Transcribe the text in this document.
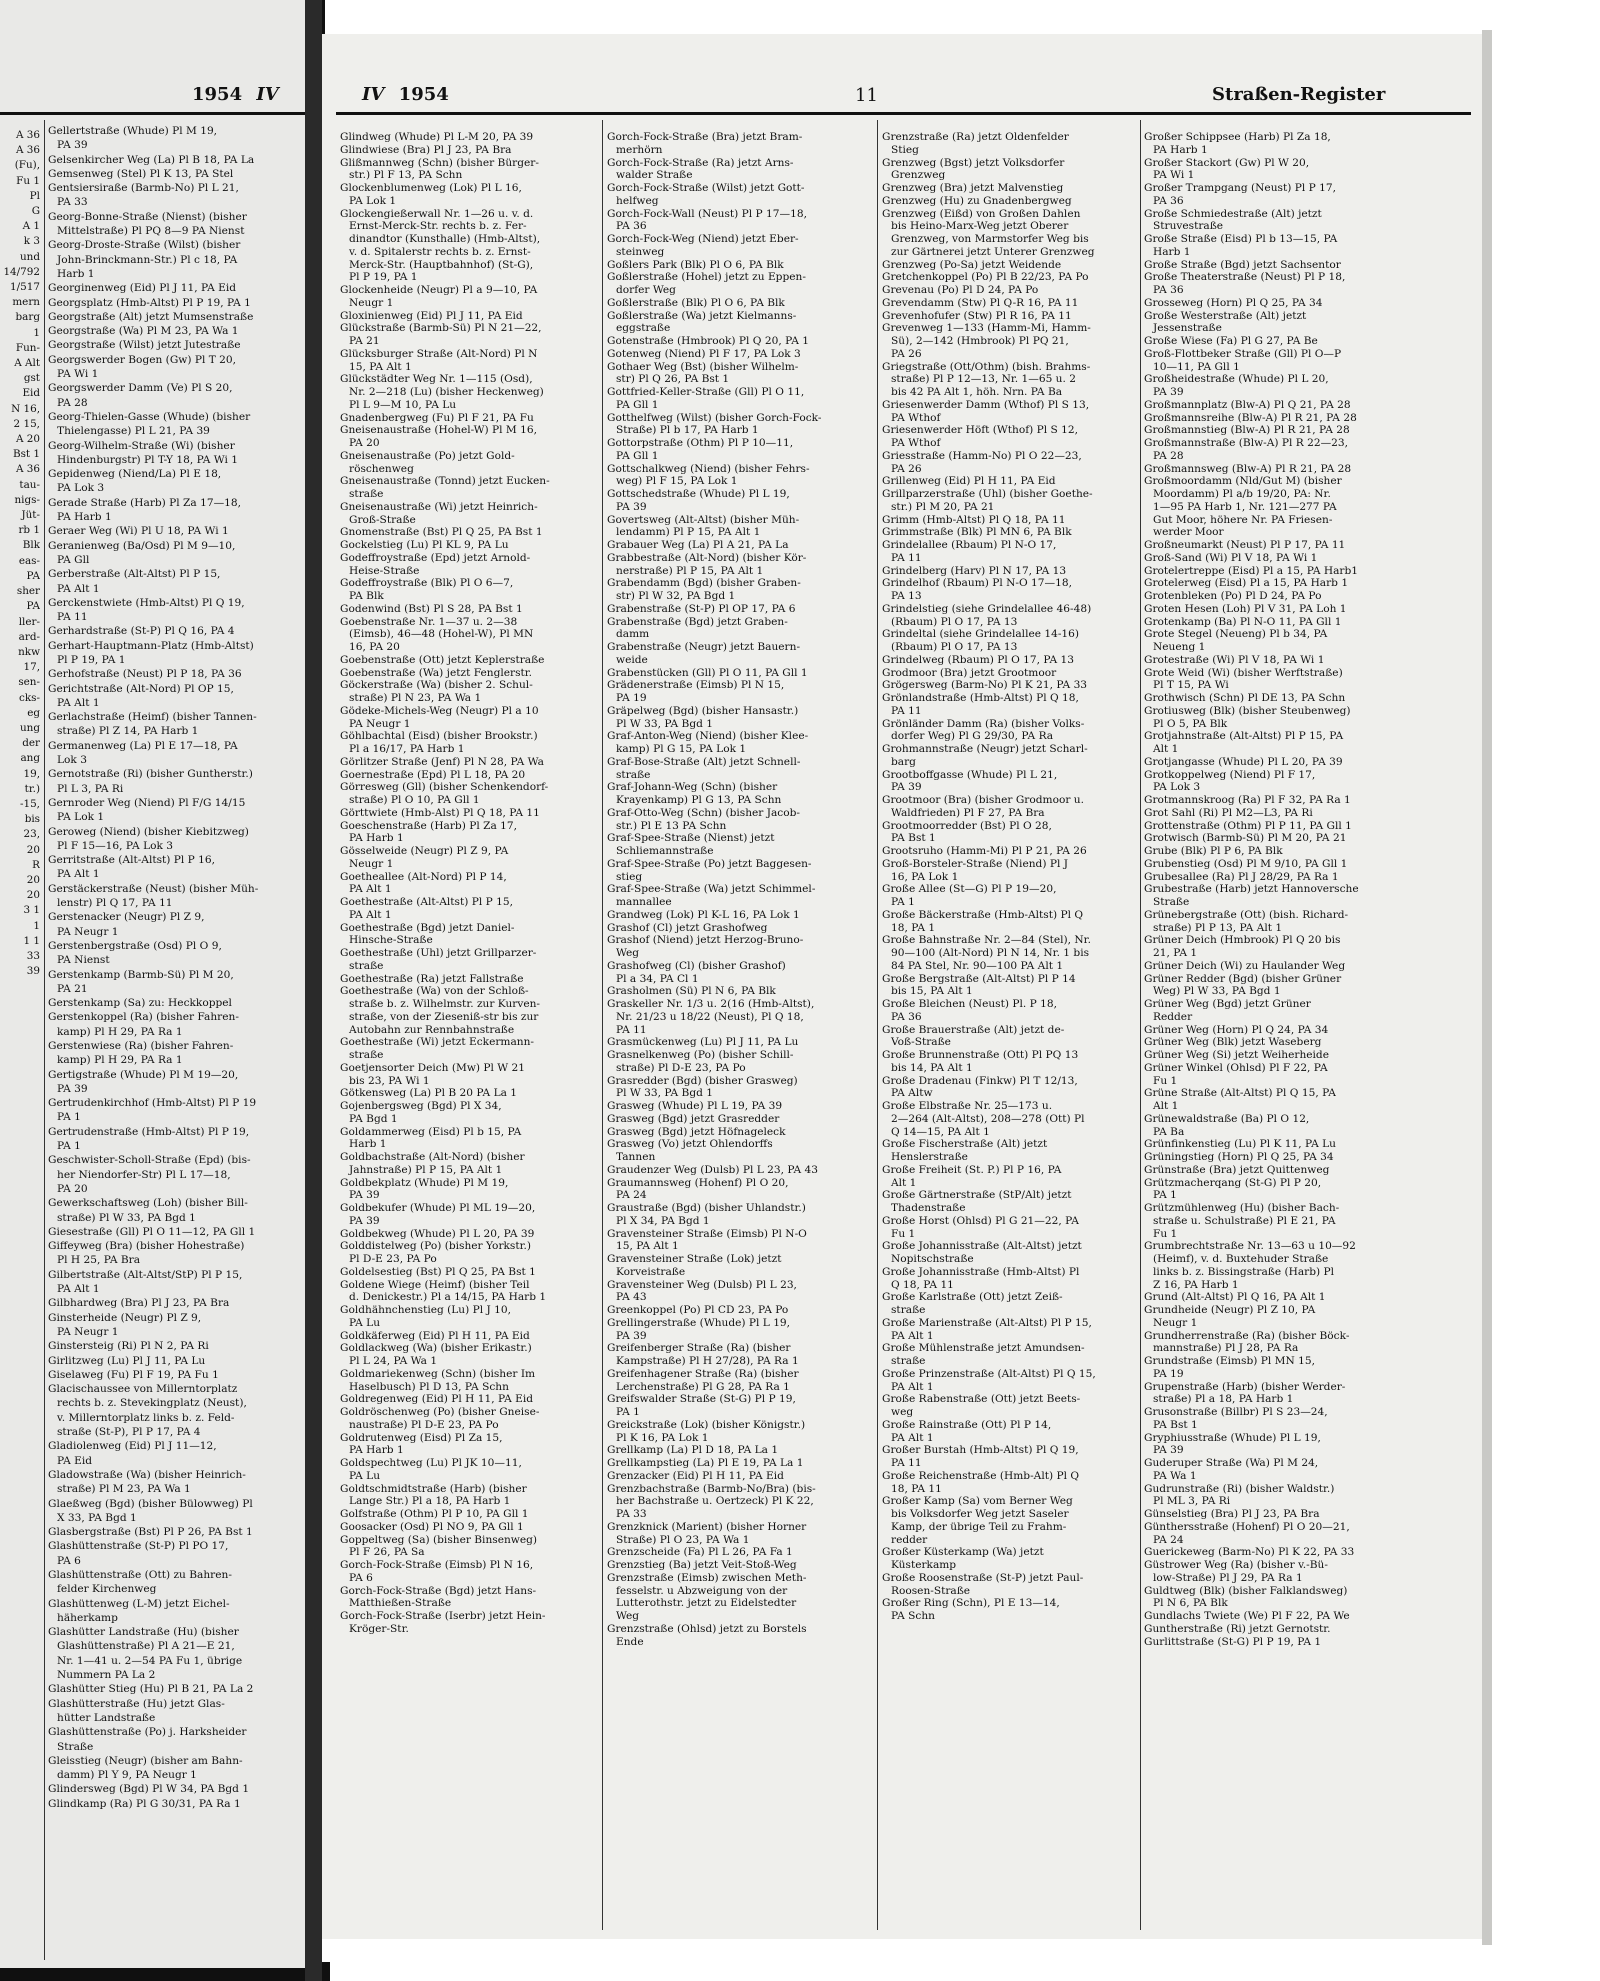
1954 IV
A 36
A 36
(Fu),
Fu 1
Pl
G
A 1
k 3
und
14/792
1/517
mern
barg
1
Fun-
A Alt
gst
Eid
N 16,
2 15,
A 20
Bst 1
A 36
tau-
nigs-
Jüt-
rb 1
Blk
eas-
PA
sher
PA
ller-
ard-
nkw
17,
sen-
cks-
eg
ung
der
ang
19,
tr.)
-15,
bis
23,
20
R
20
20
3 1
1
1 1
33
39
Gellertstraße (Whude) Pl M 19,
PA 39
Gelsenkircher Weg (La) Pl B 18, PA La
Gemsenweg (Stel) Pl K 13, PA Stel
Gentsiersiraße (Barmb-No) Pl L 21,
PA 33
Georg-Bonne-Straße (Nienst) (bisher
Mittelstraße) Pl PQ 8—9 PA Nienst
Georg-Droste-Straße (Wilst) (bisher
John-Brinckmann-Str.) Pl c 18, PA
Harb 1
Georginenweg (Eid) Pl J 11, PA Eid
Georgsplatz (Hmb-Altst) Pl P 19, PA 1
Georgstraße (Alt) jetzt Mumsenstraße
Georgstraße (Wa) Pl M 23, PA Wa 1
Georgstraße (Wilst) jetzt Jutestraße
Georgswerder Bogen (Gw) Pl T 20,
PA Wi 1
Georgswerder Damm (Ve) Pl S 20,
PA 28
Georg-Thielen-Gasse (Whude) (bisher
Thielengasse) Pl L 21, PA 39
Georg-Wilhelm-Straße (Wi) (bisher
Hindenburgstr) Pl T-Y 18, PA Wi 1
Gepidenweg (Niend/La) Pl E 18,
PA Lok 3
Gerade Straße (Harb) Pl Za 17—18,
PA Harb 1
Geraer Weg (Wi) Pl U 18, PA Wi 1
Geranienweg (Ba/Osd) Pl M 9—10,
PA Gll
Gerberstraße (Alt-Altst) Pl P 15,
PA Alt 1
Gerckenstwiete (Hmb-Altst) Pl Q 19,
PA 11
Gerhardstraße (St-P) Pl Q 16, PA 4
Gerhart-Hauptmann-Platz (Hmb-Altst)
Pl P 19, PA 1
Gerhofstraße (Neust) Pl P 18, PA 36
Gerichtstraße (Alt-Nord) Pl OP 15,
PA Alt 1
Gerlachstraße (Heimf) (bisher Tannen-
straße) Pl Z 14, PA Harb 1
Germanenweg (La) Pl E 17—18, PA
Lok 3
Gernotstraße (Ri) (bisher Guntherstr.)
Pl L 3, PA Ri
Gernroder Weg (Niend) Pl F/G 14/15
PA Lok 1
Geroweg (Niend) (bisher Kiebitzweg)
Pl F 15—16, PA Lok 3
Gerritstraße (Alt-Altst) Pl P 16,
PA Alt 1
Gerstäckerstraße (Neust) (bisher Müh-
lenstr) Pl Q 17, PA 11
Gerstenacker (Neugr) Pl Z 9,
PA Neugr 1
Gerstenbergstraße (Osd) Pl O 9,
PA Nienst
Gerstenkamp (Barmb-Sü) Pl M 20,
PA 21
Gerstenkamp (Sa) zu: Heckkoppel
Gerstenkoppel (Ra) (bisher Fahren-
kamp) Pl H 29, PA Ra 1
Gerstenwiese (Ra) (bisher Fahren-
kamp) Pl H 29, PA Ra 1
Gertigstraße (Whude) Pl M 19—20,
PA 39
Gertrudenkirchhof (Hmb-Altst) Pl P 19
PA 1
Gertrudenstraße (Hmb-Altst) Pl P 19,
PA 1
Geschwister-Scholl-Straße (Epd) (bis-
her Niendorfer-Str) Pl L 17—18,
PA 20
Gewerkschaftsweg (Loh) (bisher Bill-
straße) Pl W 33, PA Bgd 1
Giesestraße (Gll) Pl O 11—12, PA Gll 1
Giffeyweg (Bra) (bisher Hohestraße)
Pl H 25, PA Bra
Gilbertstraße (Alt-Altst/StP) Pl P 15,
PA Alt 1
Gilbhardweg (Bra) Pl J 23, PA Bra
Ginsterheide (Neugr) Pl Z 9,
PA Neugr 1
Ginstersteig (Ri) Pl N 2, PA Ri
Girlitzweg (Lu) Pl J 11, PA Lu
Giselaweg (Fu) Pl F 19, PA Fu 1
Glacischaussee von Millerntorplatz
rechts b. z. Stevekingplatz (Neust),
v. Millerntorplatz links b. z. Feld-
straße (St-P), Pl P 17, PA 4
Gladiolenweg (Eid) Pl J 11—12,
PA Eid
Gladowstraße (Wa) (bisher Heinrich-
straße) Pl M 23, PA Wa 1
Glaeßweg (Bgd) (bisher Bülowweg) Pl
X 33, PA Bgd 1
Glasbergstraße (Bst) Pl P 26, PA Bst 1
Glashüttenstraße (St-P) Pl PO 17,
PA 6
Glashüttenstraße (Ott) zu Bahren-
felder Kirchenweg
Glashüttenweg (L-M) jetzt Eichel-
häherkamp
Glashütter Landstraße (Hu) (bisher
Glashüttenstraße) Pl A 21—E 21,
Nr. 1—41 u. 2—54 PA Fu 1, übrige
Nummern PA La 2
Glashütter Stieg (Hu) Pl B 21, PA La 2
Glashütterstraße (Hu) jetzt Glas-
hütter Landstraße
Glashüttenstraße (Po) j. Harksheider
Straße
Gleisstieg (Neugr) (bisher am Bahn-
damm) Pl Y 9, PA Neugr 1
Glindersweg (Bgd) Pl W 34, PA Bgd 1
Glindkamp (Ra) Pl G 30/31, PA Ra 1
IV 1954	11	Straßen-Register
Glindweg (Whude) Pl L-M 20, PA 39
Glindwiese (Bra) Pl J 23, PA Bra
Glißmannweg (Schn) (bisher Bürger-
str.) Pl F 13, PA Schn
Glockenblumenweg (Lok) Pl L 16,
PA Lok 1
Glockengießerwall Nr. 1—26 u. v. d.
Ernst-Merck-Str. rechts b. z. Fer-
dinandtor (Kunsthalle) (Hmb-Altst),
v. d. Spitalerstr rechts b. z. Ernst-
Merck-Str. (Hauptbahnhof) (St-G),
Pl P 19, PA 1
Glockenheide (Neugr) Pl a 9—10, PA
Neugr 1
Gloxinienweg (Eid) Pl J 11, PA Eid
Glückstraße (Barmb-Sü) Pl N 21—22,
PA 21
Glücksburger Straße (Alt-Nord) Pl N
15, PA Alt 1
Glückstädter Weg Nr. 1—115 (Osd),
Nr. 2—218 (Lu) (bisher Heckenweg)
Pl L 9—M 10, PA Lu
Gnadenbergweg (Fu) Pl F 21, PA Fu
Gneisenaustraße (Hohel-W) Pl M 16,
PA 20
Gneisenaustraße (Po) jetzt Gold-
röschenweg
Gneisenaustraße (Tonnd) jetzt Eucken-
straße
Gneisenaustraße (Wi) jetzt Heinrich-
Groß-Straße
Gnomenstraße (Bst) Pl Q 25, PA Bst 1
Gockelstieg (Lu) Pl KL 9, PA Lu
Godeffroystraße (Epd) jetzt Arnold-
Heise-Straße
Godeffroystraße (Blk) Pl O 6—7,
PA Blk
Godenwind (Bst) Pl S 28, PA Bst 1
Goebenstraße Nr. 1—37 u. 2—38
(Eimsb), 46—48 (Hohel-W), Pl MN
16, PA 20
Goebenstraße (Ott) jetzt Keplerstraße
Goebenstraße (Wa) jetzt Fenglerstr.
Göckerstraße (Wa) (bisher 2. Schul-
straße) Pl N 23, PA Wa 1
Gödeke-Michels-Weg (Neugr) Pl a 10
PA Neugr 1
Göhlbachtal (Eisd) (bisher Brookstr.)
Pl a 16/17, PA Harb 1
Görlitzer Straße (Jenf) Pl N 28, PA Wa
Goernestraße (Epd) Pl L 18, PA 20
Görresweg (Gll) (bisher Schenkendorf-
straße) Pl O 10, PA Gll 1
Görttwiete (Hmb-Alst) Pl Q 18, PA 11
Goeschenstraße (Harb) Pl Za 17,
PA Harb 1
Gösselweide (Neugr) Pl Z 9, PA
Neugr 1
Goetheallee (Alt-Nord) Pl P 14,
PA Alt 1
Goethestraße (Alt-Altst) Pl P 15,
PA Alt 1
Goethestraße (Bgd) jetzt Daniel-
Hinsche-Straße
Goethestraße (Uhl) jetzt Grillparzer-
straße
Goethestraße (Ra) jetzt Fallstraße
Goethestraße (Wa) von der Schloß-
straße b. z. Wilhelmstr. zur Kurven-
straße, von der Zieseniß-str bis zur
Autobahn zur Rennbahnstraße
Goethestraße (Wi) jetzt Eckermann-
straße
Goetjensorter Deich (Mw) Pl W 21
bis 23, PA Wi 1
Götkensweg (La) Pl B 20 PA La 1
Gojenbergsweg (Bgd) Pl X 34,
PA Bgd 1
Goldammerweg (Eisd) Pl b 15, PA
Harb 1
Goldbachstraße (Alt-Nord) (bisher
Jahnstraße) Pl P 15, PA Alt 1
Goldbekplatz (Whude) Pl M 19,
PA 39
Goldbekufer (Whude) Pl ML 19—20,
PA 39
Goldbekweg (Whude) Pl L 20, PA 39
Golddistelweg (Po) (bisher Yorkstr.)
Pl D-E 23, PA Po
Goldelsestieg (Bst) Pl Q 25, PA Bst 1
Goldene Wiege (Heimf) (bisher Teil
d. Denickestr.) Pl a 14/15, PA Harb 1
Goldhähnchenstieg (Lu) Pl J 10,
PA Lu
Goldkäferweg (Eid) Pl H 11, PA Eid
Goldlackweg (Wa) (bisher Erikastr.)
Pl L 24, PA Wa 1
Goldmariekenweg (Schn) (bisher Im
Haselbusch) Pl D 13, PA Schn
Goldregenweg (Eid) Pl H 11, PA Eid
Goldröschenweg (Po) (bisher Gneise-
naustraße) Pl D-E 23, PA Po
Goldrutenweg (Eisd) Pl Za 15,
PA Harb 1
Goldspechtweg (Lu) Pl JK 10—11,
PA Lu
Goldtschmidtstraße (Harb) (bisher
Lange Str.) Pl a 18, PA Harb 1
Golfstraße (Othm) Pl P 10, PA Gll 1
Goosacker (Osd) Pl NO 9, PA Gll 1
Goppeltweg (Sa) (bisher Binsenweg)
Pl F 26, PA Sa
Gorch-Fock-Straße (Eimsb) Pl N 16,
PA 6
Gorch-Fock-Straße (Bgd) jetzt Hans-
Matthießen-Straße
Gorch-Fock-Straße (Iserbr) jetzt Hein-
Kröger-Str.
Gorch-Fock-Straße (Bra) jetzt Bram-
merhörn
Gorch-Fock-Straße (Ra) jetzt Arns-
walder Straße
Gorch-Fock-Straße (Wilst) jetzt Gott-
helfweg
Gorch-Fock-Wall (Neust) Pl P 17—18,
PA 36
Gorch-Fock-Weg (Niend) jetzt Eber-
steinweg
Goßlers Park (Blk) Pl O 6, PA Blk
Goßlerstraße (Hohel) jetzt zu Eppen-
dorfer Weg
Goßlerstraße (Blk) Pl O 6, PA Blk
Goßlerstraße (Wa) jetzt Kielmanns-
eggstraße
Gotenstraße (Hmbrook) Pl Q 20, PA 1
Gotenweg (Niend) Pl F 17, PA Lok 3
Gothaer Weg (Bst) (bisher Wilhelm-
str) Pl Q 26, PA Bst 1
Gottfried-Keller-Straße (Gll) Pl O 11,
PA Gll 1
Gotthelfweg (Wilst) (bisher Gorch-Fock-
Straße) Pl b 17, PA Harb 1
Gottorpstraße (Othm) Pl P 10—11,
PA Gll 1
Gottschalkweg (Niend) (bisher Fehrs-
weg) Pl F 15, PA Lok 1
Gottschedstraße (Whude) Pl L 19,
PA 39
Govertsweg (Alt-Altst) (bisher Müh-
lendamm) Pl P 15, PA Alt 1
Grabauer Weg (La) Pl A 21, PA La
Grabbestraße (Alt-Nord) (bisher Kör-
nerstraße) Pl P 15, PA Alt 1
Grabendamm (Bgd) (bisher Graben-
str) Pl W 32, PA Bgd 1
Grabenstraße (St-P) Pl OP 17, PA 6
Grabenstraße (Bgd) jetzt Graben-
damm
Grabenstraße (Neugr) jetzt Bauern-
weide
Grabenstücken (Gll) Pl O 11, PA Gll 1
Grädenerstraße (Eimsb) Pl N 15,
PA 19
Gräpelweg (Bgd) (bisher Hansastr.)
Pl W 33, PA Bgd 1
Graf-Anton-Weg (Niend) (bisher Klee-
kamp) Pl G 15, PA Lok 1
Graf-Bose-Straße (Alt) jetzt Schnell-
straße
Graf-Johann-Weg (Schn) (bisher
Krayenkamp) Pl G 13, PA Schn
Graf-Otto-Weg (Schn) (bisher Jacob-
str.) Pl E 13 PA Schn
Graf-Spee-Straße (Nienst) jetzt
Schliemannstraße
Graf-Spee-Straße (Po) jetzt Baggesen-
stieg
Graf-Spee-Straße (Wa) jetzt Schimmel-
mannallee
Grandweg (Lok) Pl K-L 16, PA Lok 1
Grashof (Cl) jetzt Grashofweg
Grashof (Niend) jetzt Herzog-Bruno-
Weg
Grashofweg (Cl) (bisher Grashof)
Pl a 34, PA Cl 1
Grasholmen (Sü) Pl N 6, PA Blk
Graskeller Nr. 1/3 u. 2(16 (Hmb-Altst),
Nr. 21/23 u 18/22 (Neust), Pl Q 18,
PA 11
Grasmückenweg (Lu) Pl J 11, PA Lu
Grasnelkenweg (Po) (bisher Schill-
straße) Pl D-E 23, PA Po
Grasredder (Bgd) (bisher Grasweg)
Pl W 33, PA Bgd 1
Grasweg (Whude) Pl L 19, PA 39
Grasweg (Bgd) jetzt Grasredder
Grasweg (Bgd) jetzt Höfnageleck
Grasweg (Vo) jetzt Ohlendorffs
Tannen
Graudenzer Weg (Dulsb) Pl L 23, PA 43
Graumannsweg (Hohenf) Pl O 20,
PA 24
Graustraße (Bgd) (bisher Uhlandstr.)
Pl X 34, PA Bgd 1
Gravensteiner Straße (Eimsb) Pl N-O
15, PA Alt 1
Gravensteiner Straße (Lok) jetzt
Korveistraße
Gravensteiner Weg (Dulsb) Pl L 23,
PA 43
Greenkoppel (Po) Pl CD 23, PA Po
Grellingerstraße (Whude) Pl L 19,
PA 39
Greifenberger Straße (Ra) (bisher
Kampstraße) Pl H 27/28), PA Ra 1
Greifenhagener Straße (Ra) (bisher
Lerchenstraße) Pl G 28, PA Ra 1
Greifswalder Straße (St-G) Pl P 19,
PA 1
Greickstraße (Lok) (bisher Königstr.)
Pl K 16, PA Lok 1
Grellkamp (La) Pl D 18, PA La 1
Grellkampstieg (La) Pl E 19, PA La 1
Grenzacker (Eid) Pl H 11, PA Eid
Grenzbachstraße (Barmb-No/Bra) (bis-
her Bachstraße u. Oertzeck) Pl K 22,
PA 33
Grenzknick (Marient) (bisher Horner
Straße) Pl O 23, PA Wa 1
Grenzscheide (Fa) Pl L 26, PA Fa 1
Grenzstieg (Ba) jetzt Veit-Stoß-Weg
Grenzstraße (Eimsb) zwischen Meth-
fesselstr. u Abzweigung von der
Lutterothstr. jetzt zu Eidelstedter
Weg
Grenzstraße (Ohlsd) jetzt zu Borstels
Ende
Grenzstraße (Ra) jetzt Oldenfelder
Stieg
Grenzweg (Bgst) jetzt Volksdorfer
Grenzweg
Grenzweg (Bra) jetzt Malvenstieg
Grenzweg (Hu) zu Gnadenbergweg
Grenzweg (Eißd) von Großen Dahlen
bis Heino-Marx-Weg jetzt Oberer
Grenzweg, von Marmstorfer Weg bis
zur Gärtnerei jetzt Unterer Grenzweg
Grenzweg (Po-Sa) jetzt Weidende
Gretchenkoppel (Po) Pl B 22/23, PA Po
Grevenau (Po) Pl D 24, PA Po
Grevendamm (Stw) Pl Q-R 16, PA 11
Grevenhofufer (Stw) Pl R 16, PA 11
Grevenweg 1—133 (Hamm-Mi, Hamm-
Sü), 2—142 (Hmbrook) Pl PQ 21,
PA 26
Griegstraße (Ott/Othm) (bish. Brahms-
straße) Pl P 12—13, Nr. 1—65 u. 2
bis 42 PA Alt 1, höh. Nrn. PA Ba
Griesenwerder Damm (Wthof) Pl S 13,
PA Wthof
Griesenwerder Höft (Wthof) Pl S 12,
PA Wthof
Griesstraße (Hamm-No) Pl O 22—23,
PA 26
Grillenweg (Eid) Pl H 11, PA Eid
Grillparzerstraße (Uhl) (bisher Goethe-
str.) Pl M 20, PA 21
Grimm (Hmb-Altst) Pl Q 18, PA 11
Grimmstraße (Blk) Pl MN 6, PA Blk
Grindelallee (Rbaum) Pl N-O 17,
PA 11
Grindelberg (Harv) Pl N 17, PA 13
Grindelhof (Rbaum) Pl N-O 17—18,
PA 13
Grindelstieg (siehe Grindelallee 46-48)
(Rbaum) Pl O 17, PA 13
Grindeltal (siehe Grindelallee 14-16)
(Rbaum) Pl O 17, PA 13
Grindelweg (Rbaum) Pl O 17, PA 13
Grodmoor (Bra) jetzt Grootmoor
Grögersweg (Barm-No) Pl K 21, PA 33
Grönlandstraße (Hmb-Altst) Pl Q 18,
PA 11
Grönländer Damm (Ra) (bisher Volks-
dorfer Weg) Pl G 29/30, PA Ra
Grohmannstraße (Neugr) jetzt Scharl-
barg
Grootboffgasse (Whude) Pl L 21,
PA 39
Grootmoor (Bra) (bisher Grodmoor u.
Waldfrieden) Pl F 27, PA Bra
Grootmoorredder (Bst) Pl O 28,
PA Bst 1
Grootsruho (Hamm-Mi) Pl P 21, PA 26
Groß-Borsteler-Straße (Niend) Pl J
16, PA Lok 1
Große Allee (St—G) Pl P 19—20,
PA 1
Große Bäckerstraße (Hmb-Altst) Pl Q
18, PA 1
Große Bahnstraße Nr. 2—84 (Stel), Nr.
90—100 (Alt-Nord) Pl N 14, Nr. 1 bis
84 PA Stel, Nr. 90—100 PA Alt 1
Große Bergstraße (Alt-Altst) Pl P 14
bis 15, PA Alt 1
Große Bleichen (Neust) Pl. P 18,
PA 36
Große Brauerstraße (Alt) jetzt de-
Voß-Straße
Große Brunnenstraße (Ott) Pl PQ 13
bis 14, PA Alt 1
Große Dradenau (Finkw) Pl T 12/13,
PA Altw
Große Elbstraße Nr. 25—173 u.
2—264 (Alt-Altst), 208—278 (Ott) Pl
Q 14—15, PA Alt 1
Große Fischerstraße (Alt) jetzt
Henslerstraße
Große Freiheit (St. P.) Pl P 16, PA
Alt 1
Große Gärtnerstraße (StP/Alt) jetzt
Thadenstraße
Große Horst (Ohlsd) Pl G 21—22, PA
Fu 1
Große Johannisstraße (Alt-Altst) jetzt
Nopitschstraße
Große Johannisstraße (Hmb-Altst) Pl
Q 18, PA 11
Große Karlstraße (Ott) jetzt Zeiß-
straße
Große Marienstraße (Alt-Altst) Pl P 15,
PA Alt 1
Große Mühlenstraße jetzt Amundsen-
straße
Große Prinzenstraße (Alt-Altst) Pl Q 15,
PA Alt 1
Große Rabenstraße (Ott) jetzt Beets-
weg
Große Rainstraße (Ott) Pl P 14,
PA Alt 1
Großer Burstah (Hmb-Altst) Pl Q 19,
PA 11
Große Reichenstraße (Hmb-Alt) Pl Q
18, PA 11
Großer Kamp (Sa) vom Berner Weg
bis Volksdorfer Weg jetzt Saseler
Kamp, der übrige Teil zu Frahm-
redder
Großer Küsterkamp (Wa) jetzt
Küsterkamp
Große Roosenstraße (St-P) jetzt Paul-
Roosen-Straße
Großer Ring (Schn), Pl E 13—14,
PA Schn
Großer Schippsee (Harb) Pl Za 18,
PA Harb 1
Großer Stackort (Gw) Pl W 20,
PA Wi 1
Großer Trampgang (Neust) Pl P 17,
PA 36
Große Schmiedestraße (Alt) jetzt
Struvestraße
Große Straße (Eisd) Pl b 13—15, PA
Harb 1
Große Straße (Bgd) jetzt Sachsentor
Große Theaterstraße (Neust) Pl P 18,
PA 36
Grosseweg (Horn) Pl Q 25, PA 34
Große Westerstraße (Alt) jetzt
Jessenstraße
Große Wiese (Fa) Pl G 27, PA Be
Groß-Flottbeker Straße (Gll) Pl O—P
10—11, PA Gll 1
Großheidestraße (Whude) Pl L 20,
PA 39
Großmannplatz (Blw-A) Pl Q 21, PA 28
Großmannsreihe (Blw-A) Pl R 21, PA 28
Großmannstieg (Blw-A) Pl R 21, PA 28
Großmannstraße (Blw-A) Pl R 22—23,
PA 28
Großmannsweg (Blw-A) Pl R 21, PA 28
Großmoordamm (Nld/Gut M) (bisher
Moordamm) Pl a/b 19/20, PA: Nr.
1—95 PA Harb 1, Nr. 121—277 PA
Gut Moor, höhere Nr. PA Friesen-
werder Moor
Großneumarkt (Neust) Pl P 17, PA 11
Groß-Sand (Wi) Pl V 18, PA Wi 1
Grotelertreppe (Eisd) Pl a 15, PA Harb1
Grotelerweg (Eisd) Pl a 15, PA Harb 1
Grotenbleken (Po) Pl D 24, PA Po
Groten Hesen (Loh) Pl V 31, PA Loh 1
Grotenkamp (Ba) Pl N-O 11, PA Gll 1
Grote Stegel (Neueng) Pl b 34, PA
Neueng 1
Grotestraße (Wi) Pl V 18, PA Wi 1
Grote Weid (Wi) (bisher Werftstraße)
Pl T 15, PA Wi
Grothwisch (Schn) Pl DE 13, PA Schn
Grotiusweg (Blk) (bisher Steubenweg)
Pl O 5, PA Blk
Grotjahnstraße (Alt-Altst) Pl P 15, PA
Alt 1
Grotjangasse (Whude) Pl L 20, PA 39
Grotkoppelweg (Niend) Pl F 17,
PA Lok 3
Grotmannskroog (Ra) Pl F 32, PA Ra 1
Grot Sahl (Ri) Pl M2—L3, PA Ri
Grottenstraße (Othm) Pl P 11, PA Gll 1
Grotwisch (Barmb-Sü) Pl M 20, PA 21
Grube (Blk) Pl P 6, PA Blk
Grubenstieg (Osd) Pl M 9/10, PA Gll 1
Grubesallee (Ra) Pl J 28/29, PA Ra 1
Grubestraße (Harb) jetzt Hannoversche
Straße
Grünebergstraße (Ott) (bish. Richard-
straße) Pl P 13, PA Alt 1
Grüner Deich (Hmbrook) Pl Q 20 bis
21, PA 1
Grüner Deich (Wi) zu Haulander Weg
Grüner Redder (Bgd) (bisher Grüner
Weg) Pl W 33, PA Bgd 1
Grüner Weg (Bgd) jetzt Grüner
Redder
Grüner Weg (Horn) Pl Q 24, PA 34
Grüner Weg (Blk) jetzt Waseberg
Grüner Weg (Si) jetzt Weiherheide
Grüner Winkel (Ohlsd) Pl F 22, PA
Fu 1
Grüne Straße (Alt-Altst) Pl Q 15, PA
Alt 1
Grünewaldstraße (Ba) Pl O 12,
PA Ba
Grünfinkenstieg (Lu) Pl K 11, PA Lu
Grüningstieg (Horn) Pl Q 25, PA 34
Grünstraße (Bra) jetzt Quittenweg
Grützmacherqang (St-G) Pl P 20,
PA 1
Grützmühlenweg (Hu) (bisher Bach-
straße u. Schulstraße) Pl E 21, PA
Fu 1
Grumbrechtstraße Nr. 13—63 u 10—92
(Heimf), v. d. Buxtehuder Straße
links b. z. Bissingstraße (Harb) Pl
Z 16, PA Harb 1
Grund (Alt-Altst) Pl Q 16, PA Alt 1
Grundheide (Neugr) Pl Z 10, PA
Neugr 1
Grundherrenstraße (Ra) (bisher Böck-
mannstraße) Pl J 28, PA Ra
Grundstraße (Eimsb) Pl MN 15,
PA 19
Grupenstraße (Harb) (bisher Werder-
straße) Pl a 18, PA Harb 1
Grusonstraße (Billbr) Pl S 23—24,
PA Bst 1
Gryphiusstraße (Whude) Pl L 19,
PA 39
Guderuper Straße (Wa) Pl M 24,
PA Wa 1
Gudrunstraße (Ri) (bisher Waldstr.)
Pl ML 3, PA Ri
Günselstieg (Bra) Pl J 23, PA Bra
Günthersstraße (Hohenf) Pl O 20—21,
PA 24
Guerickeweg (Barm-No) Pl K 22, PA 33
Güstrower Weg (Ra) (bisher v.-Bü-
low-Straße) Pl J 29, PA Ra 1
Guldtweg (Blk) (bisher Falklandsweg)
Pl N 6, PA Blk
Gundlachs Twiete (We) Pl F 22, PA We
Guntherstraße (Ri) jetzt Gernotstr.
Gurlittstraße (St-G) Pl P 19, PA 1
